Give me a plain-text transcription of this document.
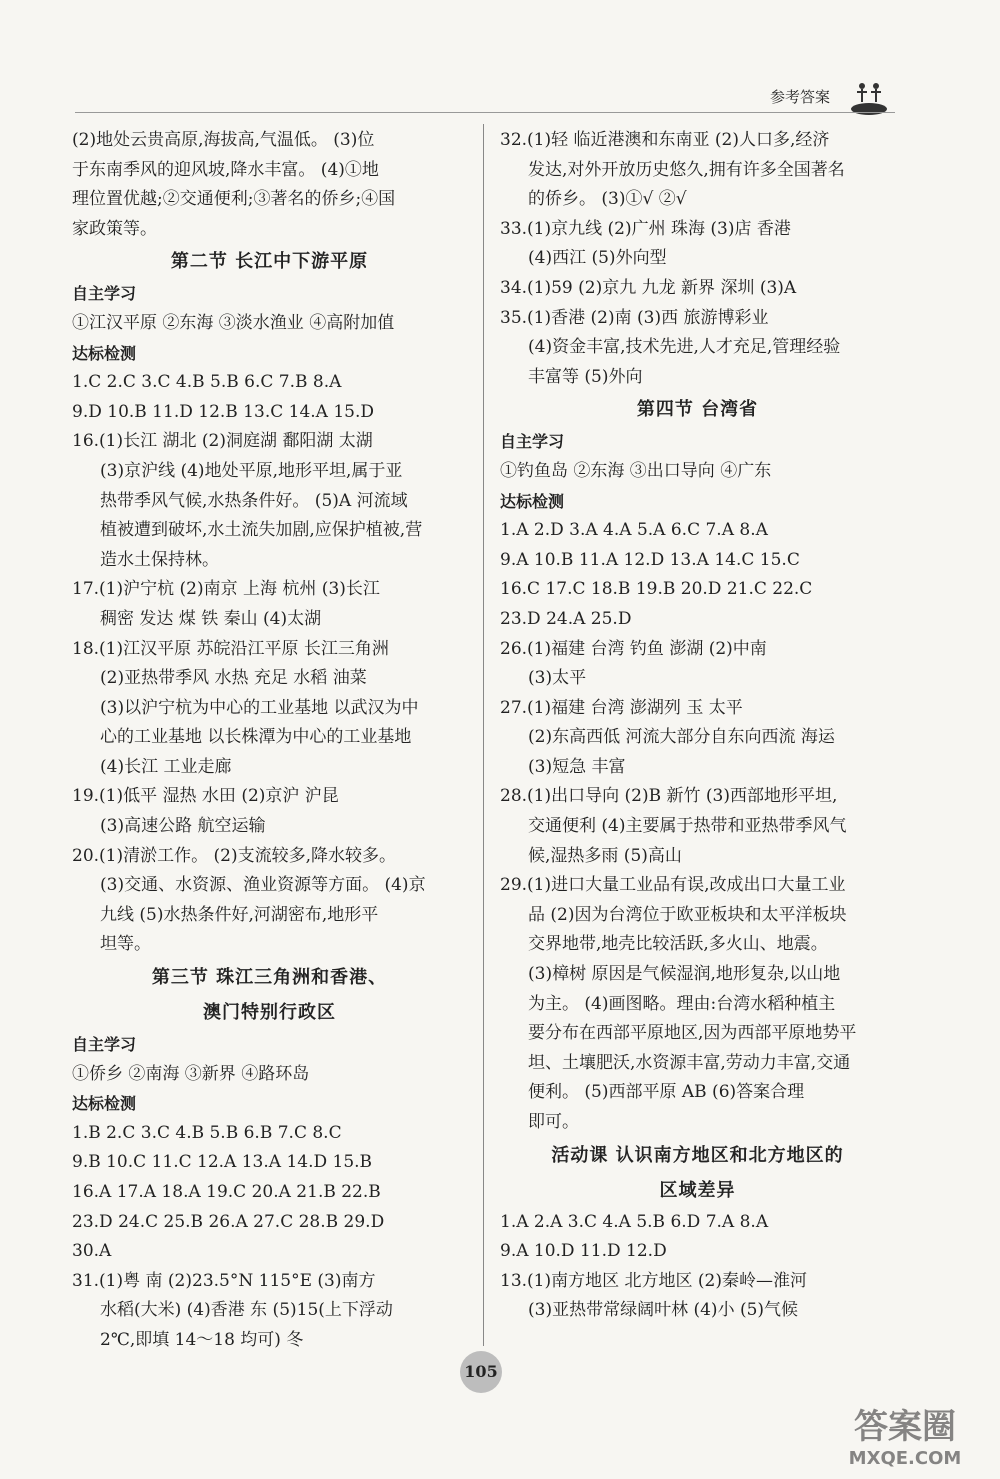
参考答案
(2)地处云贵高原,海拔高,气温低。 (3)位
于东南季风的迎风坡,降水丰富。 (4)①地
理位置优越;②交通便利;③著名的侨乡;④国
家政策等。
第二节 长江中下游平原
自主学习
①江汉平原 ②东海 ③淡水渔业 ④高附加值
达标检测
1.C 2.C 3.C 4.B 5.B 6.C 7.B 8.A
9.D 10.B 11.D 12.B 13.C 14.A 15.D
16.(1)长江 湖北 (2)洞庭湖 鄱阳湖 太湖
(3)京沪线 (4)地处平原,地形平坦,属于亚
热带季风气候,水热条件好。 (5)A 河流域
植被遭到破坏,水土流失加剧,应保护植被,营
造水土保持林。
17.(1)沪宁杭 (2)南京 上海 杭州 (3)长江
稠密 发达 煤 铁 秦山 (4)太湖
18.(1)江汉平原 苏皖沿江平原 长江三角洲
(2)亚热带季风 水热 充足 水稻 油菜
(3)以沪宁杭为中心的工业基地 以武汉为中
心的工业基地 以长株潭为中心的工业基地
(4)长江 工业走廊
19.(1)低平 湿热 水田 (2)京沪 沪昆
(3)高速公路 航空运输
20.(1)清淤工作。 (2)支流较多,降水较多。
(3)交通、水资源、渔业资源等方面。 (4)京
九线 (5)水热条件好,河湖密布,地形平
坦等。
第三节 珠江三角洲和香港、
澳门特别行政区
自主学习
①侨乡 ②南海 ③新界 ④路环岛
达标检测
1.B 2.C 3.C 4.B 5.B 6.B 7.C 8.C
9.B 10.C 11.C 12.A 13.A 14.D 15.B
16.A 17.A 18.A 19.C 20.A 21.B 22.B
23.D 24.C 25.B 26.A 27.C 28.B 29.D
30.A
31.(1)粤 南 (2)23.5°N 115°E (3)南方
水稻(大米) (4)香港 东 (5)15(上下浮动
2℃,即填 14～18 均可) 冬
32.(1)轻 临近港澳和东南亚 (2)人口多,经济
发达,对外开放历史悠久,拥有许多全国著名
的侨乡。 (3)①√ ②√
33.(1)京九线 (2)广州 珠海 (3)店 香港
(4)西江 (5)外向型
34.(1)59 (2)京九 九龙 新界 深圳 (3)A
35.(1)香港 (2)南 (3)西 旅游博彩业
(4)资金丰富,技术先进,人才充足,管理经验
丰富等 (5)外向
第四节 台湾省
自主学习
①钓鱼岛 ②东海 ③出口导向 ④广东
达标检测
1.A 2.D 3.A 4.A 5.A 6.C 7.A 8.A
9.A 10.B 11.A 12.D 13.A 14.C 15.C
16.C 17.C 18.B 19.B 20.D 21.C 22.C
23.D 24.A 25.D
26.(1)福建 台湾 钓鱼 澎湖 (2)中南
(3)太平
27.(1)福建 台湾 澎湖列 玉 太平
(2)东高西低 河流大部分自东向西流 海运
(3)短急 丰富
28.(1)出口导向 (2)B 新竹 (3)西部地形平坦,
交通便利 (4)主要属于热带和亚热带季风气
候,湿热多雨 (5)高山
29.(1)进口大量工业品有误,改成出口大量工业
品 (2)因为台湾位于欧亚板块和太平洋板块
交界地带,地壳比较活跃,多火山、地震。
(3)樟树 原因是气候湿润,地形复杂,以山地
为主。 (4)画图略。理由:台湾水稻种植主
要分布在西部平原地区,因为西部平原地势平
坦、土壤肥沃,水资源丰富,劳动力丰富,交通
便利。 (5)西部平原 AB (6)答案合理
即可。
活动课 认识南方地区和北方地区的
区域差异
1.A 2.A 3.C 4.A 5.B 6.D 7.A 8.A
9.A 10.D 11.D 12.D
13.(1)南方地区 北方地区 (2)秦岭—淮河
(3)亚热带常绿阔叶林 (4)小 (5)气候
105
答案圈
MXQE.COM
